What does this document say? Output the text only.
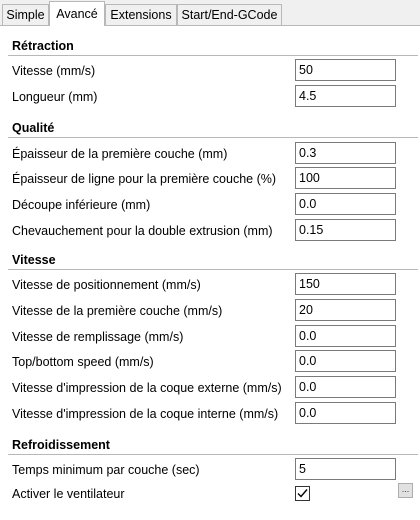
Simple Avancé	Extensions Start/End-GCode
Rétraction
Vitesse (mm/s)
50
Longueur (mm)
4.5
Qualité
Épaisseur de la première couche (mm)
0.3
Épaisseur de ligne pour la première couche (%)
100
Découpe inférieure (mm)
0.0
Chevauchement pour la double extrusion (mm)
0.15
Vitesse
Vitesse de positionnement (mm/s)
150
Vitesse de la première couche (mm/s)
20
Vitesse de remplissage (mm/s)
0.0
Top/bottom speed (mm/s)
0.0
Vitesse d'impression de la coque externe (mm/s)
0.0
Vitesse d'impression de la coque interne (mm/s)
0.0
Refroidissement
Temps minimum par couche (sec)
5
Activer le ventilateur	...
